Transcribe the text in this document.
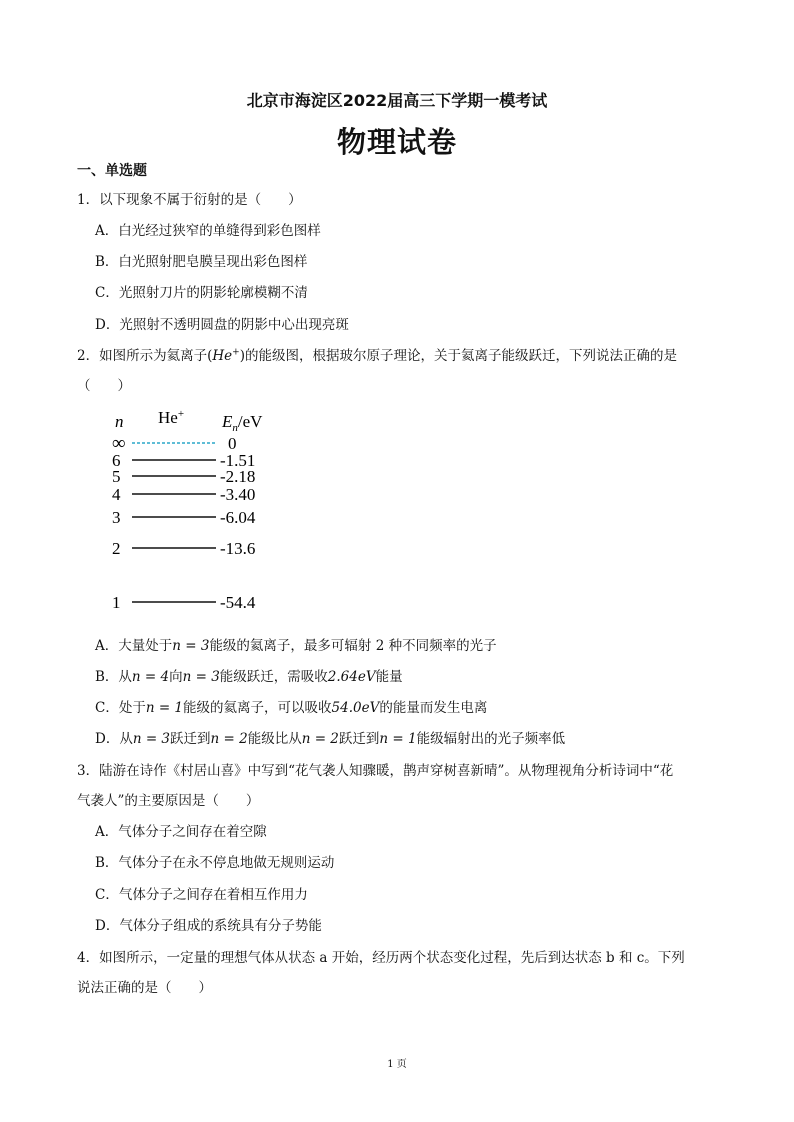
北京市海淀区2022届高三下学期一模考试
物理试卷
一、单选题
1．以下现象不属于衍射的是（　　）
A．白光经过狭窄的单缝得到彩色图样
B．白光照射肥皂膜呈现出彩色图样
C．光照射刀片的阴影轮廓模糊不清
D．光照射不透明圆盘的阴影中心出现亮斑
2．如图所示为氦离子(He+)的能级图，根据玻尔原子理论，关于氦离子能级跃迁，下列说法正确的是
（　　）
n He+ $E_n/eV$
∞	0
6	-1.51
5	-2.18
4	-3.40
3	-6.04
2	-13.6
1	-54.4
A．大量处于n = 3能级的氦离子，最多可辐射 2 种不同频率的光子
B．从n = 4向n = 3能级跃迁，需吸收2.64eV能量
C．处于n = 1能级的氦离子，可以吸收54.0eV的能量而发生电离
D．从n = 3跃迁到n = 2能级比从n = 2跃迁到n = 1能级辐射出的光子频率低
3．陆游在诗作《村居山喜》中写到“花气袭人知骤暖，鹊声穿树喜新晴”。从物理视角分析诗词中“花
气袭人”的主要原因是（　　）
A．气体分子之间存在着空隙
B．气体分子在永不停息地做无规则运动
C．气体分子之间存在着相互作用力
D．气体分子组成的系统具有分子势能
4．如图所示，一定量的理想气体从状态 a 开始，经历两个状态变化过程，先后到达状态 b 和 c。下列
说法正确的是（　　）
1 页
